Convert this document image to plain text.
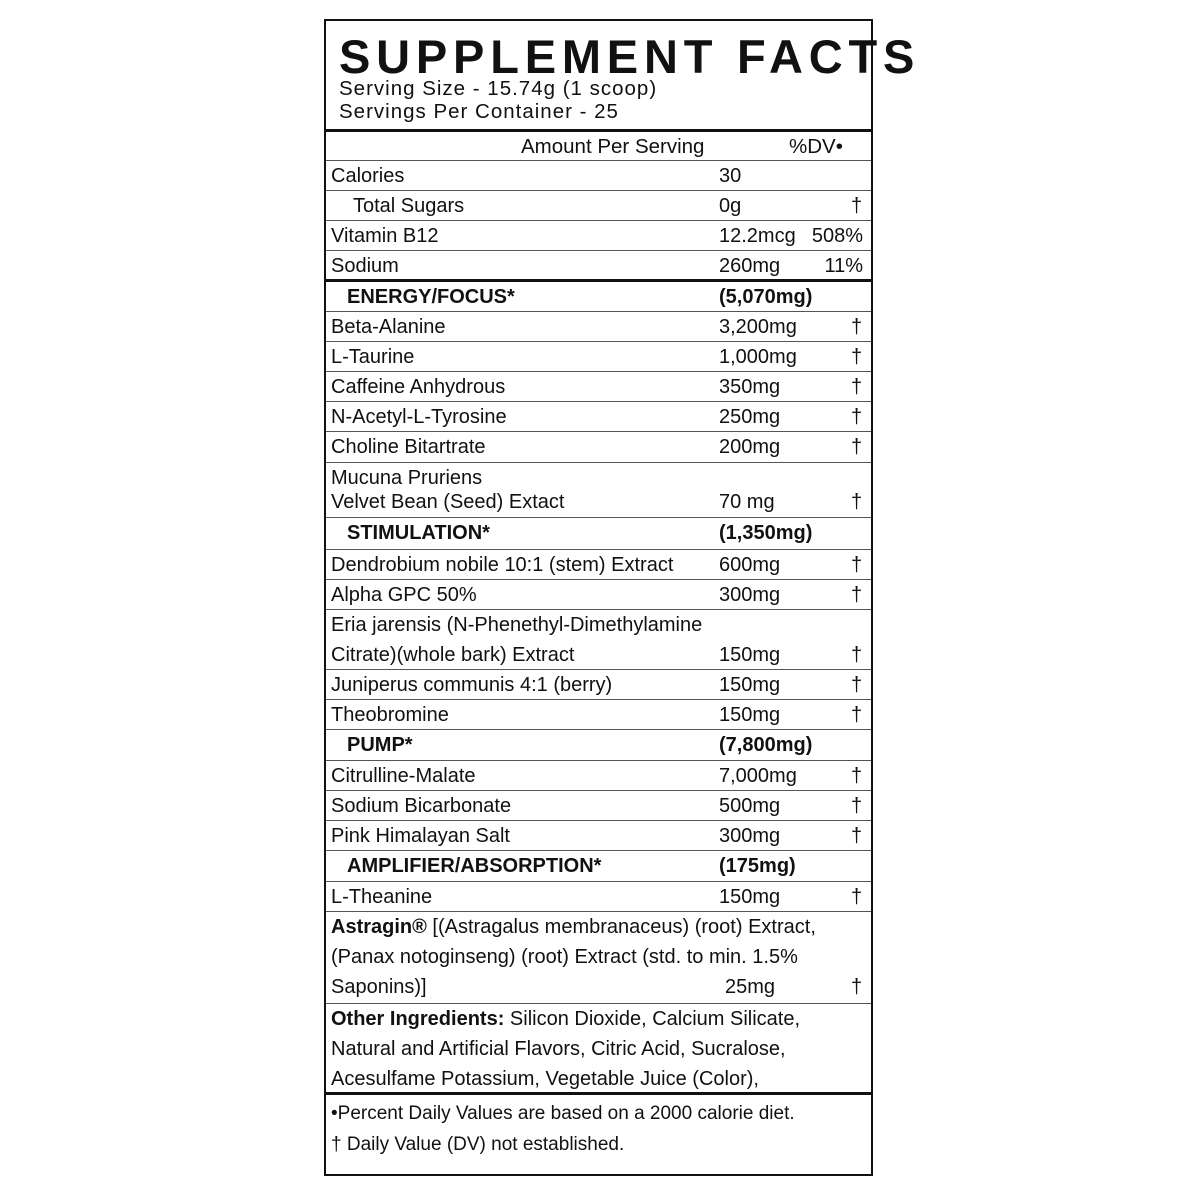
SUPPLEMENT FACTS
Serving Size - 15.74g (1 scoop)
Servings Per Container - 25
Amount Per Serving	%DV•
Calories	30
Total Sugars	0g	†
Vitamin B12	12.2mcg 508%
Sodium	260mg 11%
ENERGY/FOCUS*	(5,070mg)
Beta-Alanine	3,200mg	†
L-Taurine	1,000mg	†
Caffeine Anhydrous	350mg	†
N-Acetyl-L-Tyrosine	250mg	†
Choline Bitartrate	200mg	†
Mucuna Pruriens
Velvet Bean (Seed) Extact	70 mg	†
STIMULATION*	(1,350mg)
Dendrobium nobile 10:1 (stem) Extract 600mg	†
Alpha GPC 50%	300mg	†
Eria jarensis (N-Phenethyl-Dimethylamine
Citrate)(whole bark) Extract	150mg	†
Juniperus communis 4:1 (berry)	150mg	†
Theobromine	150mg	†
PUMP*	(7,800mg)
Citrulline-Malate	7,000mg	†
Sodium Bicarbonate	500mg	†
Pink Himalayan Salt	300mg	†
AMPLIFIER/ABSORPTION*	(175mg)
L-Theanine	150mg	†
Astragin® [(Astragalus membranaceus) (root) Extract,
(Panax notoginseng) (root) Extract (std. to min. 1.5%
Saponins)]	25mg	†
Other Ingredients: Silicon Dioxide, Calcium Silicate,
Natural and Artificial Flavors, Citric Acid, Sucralose,
Acesulfame Potassium, Vegetable Juice (Color),
•Percent Daily Values are based on a 2000 calorie diet.
† Daily Value (DV) not established.
